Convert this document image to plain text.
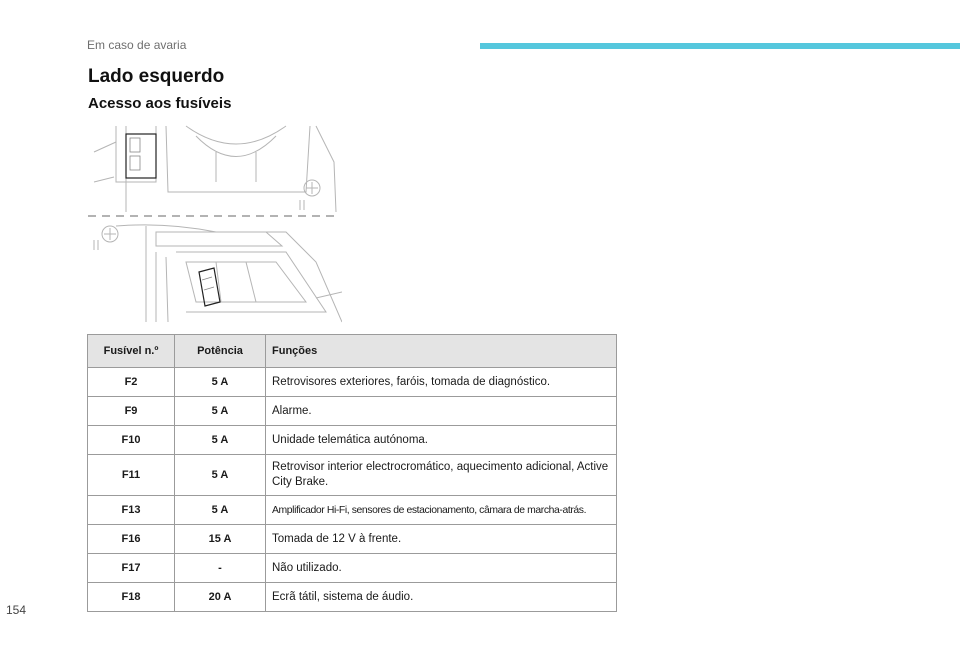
Em caso de avaria
Lado esquerdo
Acesso aos fusíveis
Fusível n.º	Potência	Funções
F2	5 A	Retrovisores exteriores, faróis, tomada de diagnóstico.
F9	5 A	Alarme.
F10	5 A	Unidade telemática autónoma.
F11	5 A	Retrovisor interior electrocromático, aquecimento adicional, Active City Brake.
F13	5 A	Amplificador Hi-Fi, sensores de estacionamento, câmara de marcha-atrás.
F16	15 A	Tomada de 12 V à frente.
F17	-	Não utilizado.
F18	20 A	Ecrã tátil, sistema de áudio.
154
